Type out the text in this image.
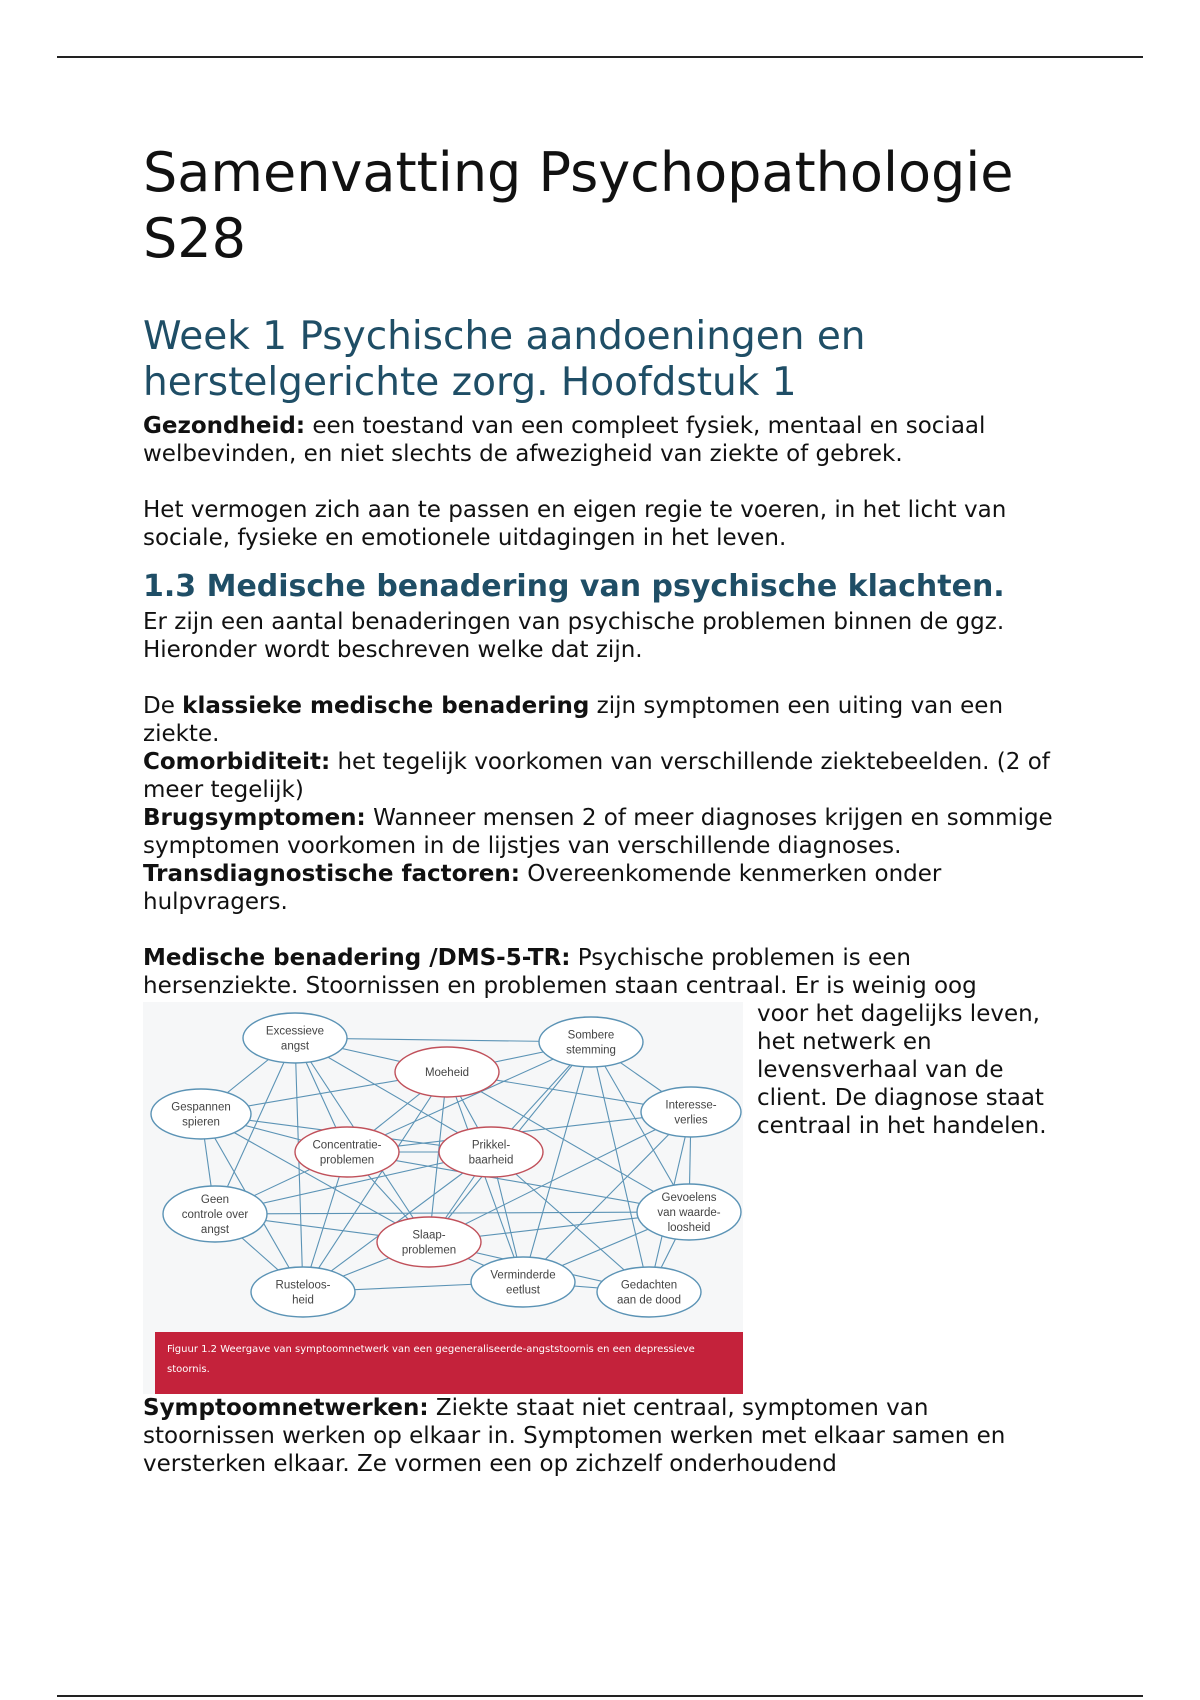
Samenvatting Psychopathologie S28
Week 1 Psychische aandoeningen en herstelgerichte zorg. Hoofdstuk 1

Gezondheid: een toestand van een compleet fysiek, mentaal en sociaal welbevinden, en niet slechts de afwezigheid van ziekte of gebrek.

Het vermogen zich aan te passen en eigen regie te voeren, in het licht van sociale, fysieke en emotionele uitdagingen in het leven.

1.3 Medische benadering van psychische klachten.

Er zijn een aantal benaderingen van psychische problemen binnen de ggz. Hieronder wordt beschreven welke dat zijn.

De klassieke medische benadering zijn symptomen een uiting van een ziekte.

Comorbiditeit: het tegelijk voorkomen van verschillende ziektebeelden. (2 of meer tegelijk)

Brugsymptomen: Wanneer mensen 2 of meer diagnoses krijgen en sommige symptomen voorkomen in de lijstjes van verschillende diagnoses.

Transdiagnostische factoren: Overeenkomende kenmerken onder hulpvragers.

Medische benadering /DMS-5-TR: Psychische problemen is een hersenziekte. Stoornissen en problemen staan centraal. Er is weinig oog

Excessieve
angst
Moeheid
Sombere
stemming
Gespannen
spieren
Interesse-
verlies
Concentratie-
problemen
Prikkel-
baarheid
Geen
controle over
angst
Gevoelens
van waarde-
loosheid
Slaap-
problemen
Rusteloos-
heid
Verminderde
eetlust	Gedachten
aan de dood
Figuur 1.2 Weergave van symptoomnetwerk van een gegeneraliseerde-angststoornis en een depressieve stoornis.

voor het dagelijks leven, het netwerk en levensverhaal van de client. De diagnose staat centraal in het handelen.

Symptoomnetwerken: Ziekte staat niet centraal, symptomen van stoornissen werken op elkaar in. Symptomen werken met elkaar samen en versterken elkaar. Ze vormen een op zichzelf onderhoudend
